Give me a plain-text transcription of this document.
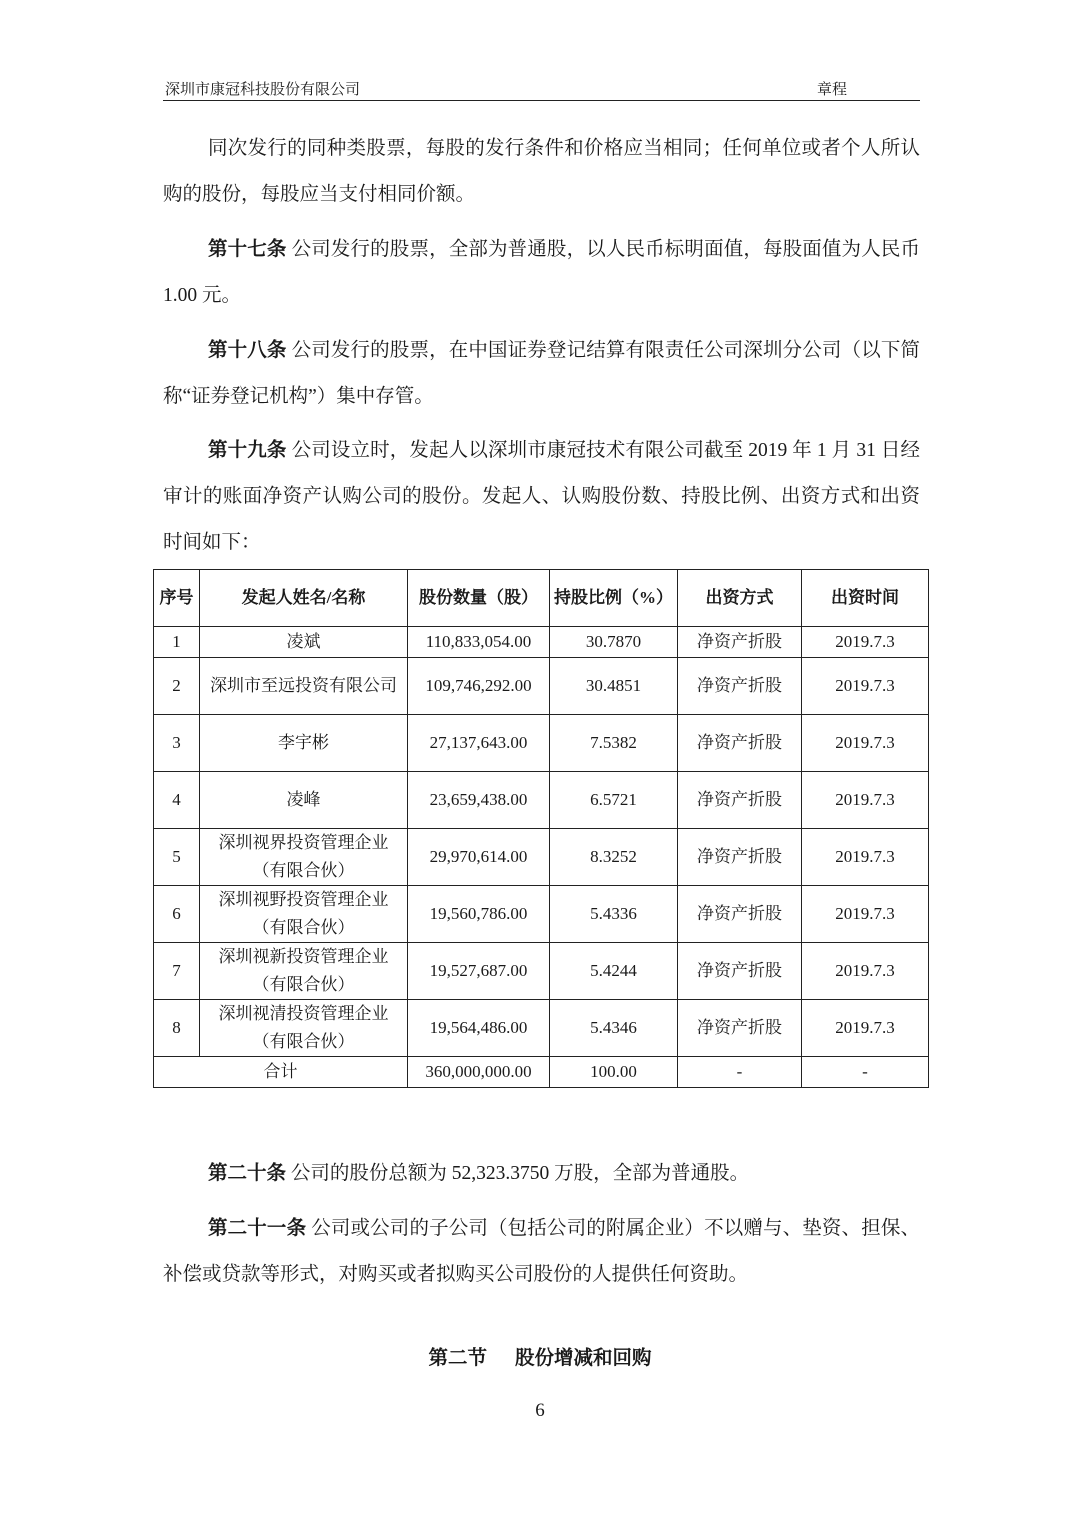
深圳市康冠科技股份有限公司	章程

同次发行的同种类股票，每股的发行条件和价格应当相同；任何单位或者个人所认购的股份，每股应当支付相同价额。

第十七条 公司发行的股票，全部为普通股，以人民币标明面值，每股面值为人民币 1.00 元。

第十八条 公司发行的股票，在中国证券登记结算有限责任公司深圳分公司（以下简称“证券登记机构”）集中存管。

第十九条 公司设立时，发起人以深圳市康冠技术有限公司截至 2019 年 1 月 31 日经审计的账面净资产认购公司的股份。发起人、认购股份数、持股比例、出资方式和出资时间如下：

序号	发起人姓名/名称	股份数量（股）	持股比例（%）	出资方式	出资时间
1	凌斌	110,833,054.00	30.7870	净资产折股	2019.7.3
2	深圳市至远投资有限公司	109,746,292.00	30.4851	净资产折股	2019.7.3
3	李宇彬	27,137,643.00	7.5382	净资产折股	2019.7.3
4	凌峰	23,659,438.00	6.5721	净资产折股	2019.7.3
5	深圳视界投资管理企业（有限合伙）	29,970,614.00	8.3252	净资产折股	2019.7.3
6	深圳视野投资管理企业（有限合伙）	19,560,786.00	5.4336	净资产折股	2019.7.3
7	深圳视新投资管理企业（有限合伙）	19,527,687.00	5.4244	净资产折股	2019.7.3
8	深圳视清投资管理企业（有限合伙）	19,564,486.00	5.4346	净资产折股	2019.7.3
合计		360,000,000.00	100.00	-	-

第二十条 公司的股份总额为 52,323.3750 万股，全部为普通股。

第二十一条 公司或公司的子公司（包括公司的附属企业）不以赠与、垫资、担保、补偿或贷款等形式，对购买或者拟购买公司股份的人提供任何资助。

第二节 股份增减和回购
6
